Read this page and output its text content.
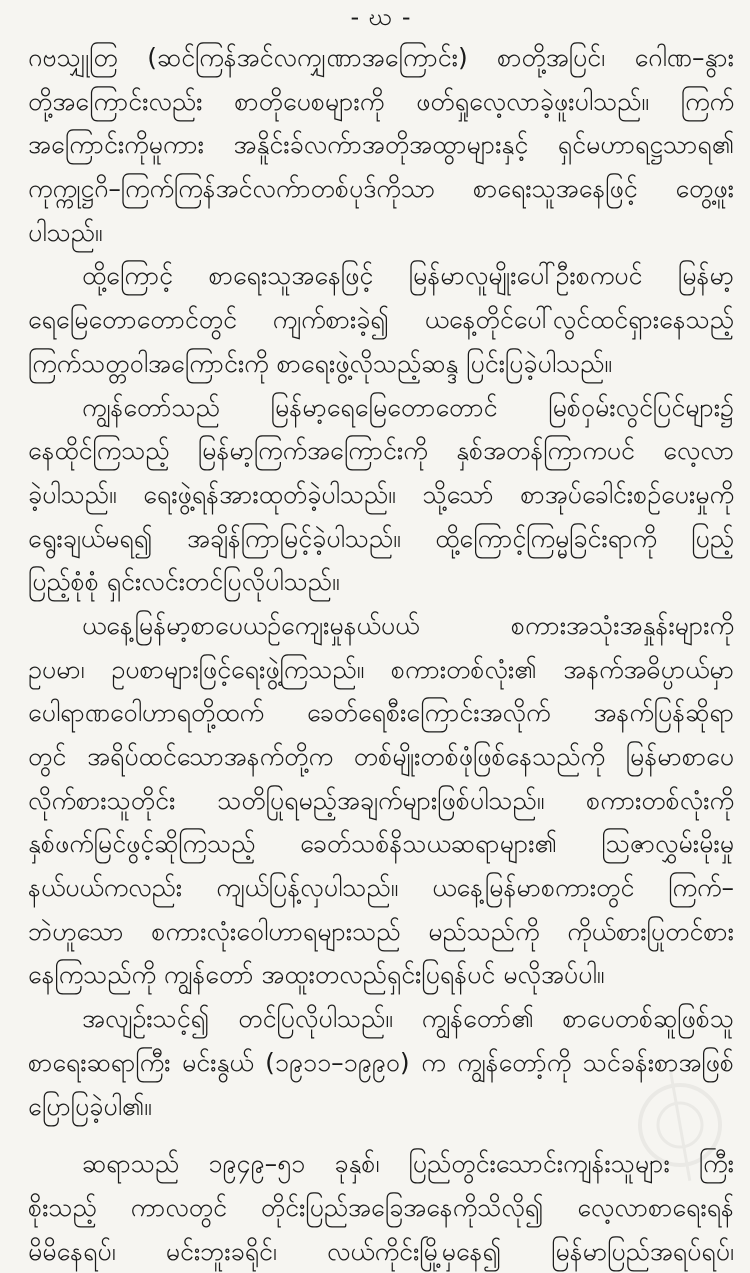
- ဃ -
ဂဗသျှုတြ (ဆင်ကြန်အင်လကျှဏာအကြောင်း) စာတို့အပြင်၊ ဂေါဏ–နွား
တို့အကြောင်းလည်း စာတိုပေစများကို ဖတ်ရှုလေ့လာခဲ့ဖူးပါသည်။ ကြက်
အကြောင်းကိုမူကား အနိူင်းခ်လက်ာအတိုအထွာများနှင့် ရှင်မဟာရဋ္ဌသာရ၏
ကုက္ကုဋ္ဌဂိ–ကြက်ကြန်အင်လက်ာတစ်ပုဒ်ကိုသာ စာရေးသူအနေဖြင့် တွေ့ဖူး
ပါသည်။
ထို့ကြောင့် စာရေးသူအနေဖြင့် မြန်မာလူမျိုးပေါ်ဦးစကပင် မြန်မာ့
ရေမြေတောတောင်တွင် ကျက်စားခဲ့၍ ယနေ့တိုင်ပေါ်လွင်ထင်ရှားနေသည့်
ကြက်သတ္တဝါအကြောင်းကို စာရေးဖွဲ့လိုသည့်ဆန္ဒ ပြင်းပြခဲ့ပါသည်။
ကျွန်တော်သည် မြန်မာ့ရေမြေတောတောင် မြစ်ဝှမ်းလွင်ပြင်များ၌
နေထိုင်ကြသည့် မြန်မာ့ကြက်အကြောင်းကို နှစ်အတန်ကြာကပင် လေ့လာ
ခဲ့ပါသည်။ ရေးဖွဲ့ရန်အားထုတ်ခဲ့ပါသည်။ သို့သော် စာအုပ်ခေါင်းစဉ်ပေးမှုကို
ရွေးချယ်မရ၍ အချိန်ကြာမြင့်ခဲ့ပါသည်။ ထို့ကြောင့်ကြမ္မခြင်းရာကို ပြည့်
ပြည့်စုံစုံ ရှင်းလင်းတင်ပြလိုပါသည်။
ယနေ့မြန်မာ့စာပေယဉ်ကျေးမှုနယ်ပယ် စကားအသုံးအနှုန်းများကို
ဥပမာ၊ ဥပစာများဖြင့်ရေးဖွဲ့ကြသည်။ စကားတစ်လုံး၏ အနက်အဓိပ္ပာယ်မှာ
ပေါရာဏဝေါဟာရတို့ထက် ခေတ်ရေစီးကြောင်းအလိုက် အနက်ပြန်ဆိုရာ
တွင် အရိပ်ထင်သောအနက်တို့က တစ်မျိုးတစ်ဖုံဖြစ်နေသည်ကို မြန်မာစာပေ
လိုက်စားသူတိုင်း သတိပြုရမည့်အချက်များဖြစ်ပါသည်။ စကားတစ်လုံးကို
နှစ်ဖက်မြင်ဖွင့်ဆိုကြသည့် ခေတ်သစ်နိသယဆရာများ၏ သြဇာလွှမ်းမိုးမှု
နယ်ပယ်ကလည်း ကျယ်ပြန့်လှပါသည်။ ယနေ့မြန်မာစကားတွင် ကြက်–
ဘဲဟူသော စကားလုံးဝေါဟာရများသည် မည်သည်ကို ကိုယ်စားပြုတင်စား
နေကြသည်ကို ကျွန်တော် အထူးတလည်ရှင်းပြရန်ပင် မလိုအပ်ပါ။
အလျဉ်းသင့်၍ တင်ပြလိုပါသည်။ ကျွန်တော်၏ စာပေတစ်ဆူဖြစ်သူ
စာရေးဆရာကြီး မင်းနွယ် (၁၉၁၁–၁၉၉၀) က ကျွန်တော့်ကို သင်ခန်းစာအဖြစ်
ပြောပြခဲ့ပါ၏။
ဆရာသည် ၁၉၄၉–၅၁ ခုနှစ်၊ ပြည်တွင်းသောင်းကျန်းသူများ ကြီး
စိုးသည့် ကာလတွင် တိုင်းပြည်အခြေအနေကိုသိလို၍ လေ့လာစာရေးရန်
မိမိနေရပ်၊ မင်းဘူးခရိုင်၊ လယ်ကိုင်းမြို့မှနေ၍ မြန်မာပြည်အရပ်ရပ်၊
